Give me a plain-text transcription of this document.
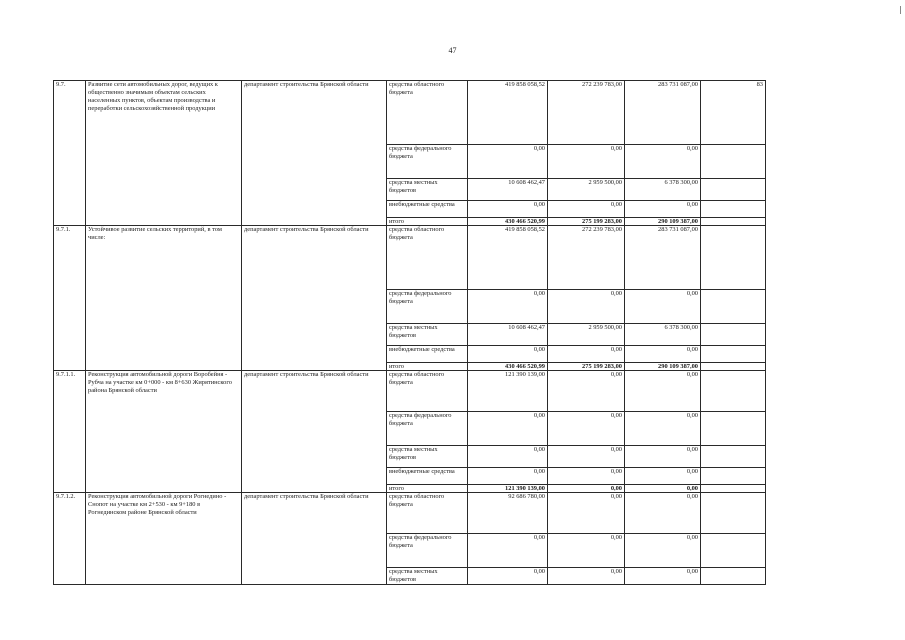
47
9.7.	Развитие сети автомобильных дорог, ведущих к общественно значимым объектам сельских населенных пунктов, объектам производства и переработки сельскохозяйственной продукции	департамент строительства Брянской области	средства областного бюджета	419 858 058,52	272 239 783,00	283 731 087,00	83
			средства федерального бюджета	0,00	0,00	0,00	
			средства местных бюджетов	10 608 462,47	2 959 500,00	6 378 300,00	
			внебюджетные средства	0,00	0,00	0,00	
			итого	430 466 520,99	275 199 283,00	290 109 387,00	
9.7.1.	Устойчивое развитие сельских территорий, в том числе:	департамент строительства Брянской области	средства областного бюджета	419 858 058,52	272 239 783,00	283 731 087,00	
			средства федерального бюджета	0,00	0,00	0,00	
			средства местных бюджетов	10 608 462,47	2 959 500,00	6 378 300,00	
			внебюджетные средства	0,00	0,00	0,00	
			итого	430 466 520,99	275 199 283,00	290 109 387,00	
9.7.1.1.	Реконструкция автомобильной дороги Воробейня - Рубча на участке км 0+000 - км 8+630 Жирятинского района Брянской области	департамент строительства Брянской области	средства областного бюджета	121 390 139,00	0,00	0,00	
			средства федерального бюджета	0,00	0,00	0,00	
			средства местных бюджетов	0,00	0,00	0,00	
			внебюджетные средства	0,00	0,00	0,00	
			итого	121 390 139,00	0,00	0,00	
9.7.1.2.	Реконструкция автомобильной дороги Рогнедино - Снопот на участке км 2+530 - км 9+180 в Рогнединском районе Брянской области	департамент строительства Брянской области	средства областного бюджета	92 686 780,00	0,00	0,00	
			средства федерального бюджета	0,00	0,00	0,00	
			средства местных бюджетов	0,00	0,00	0,00	
